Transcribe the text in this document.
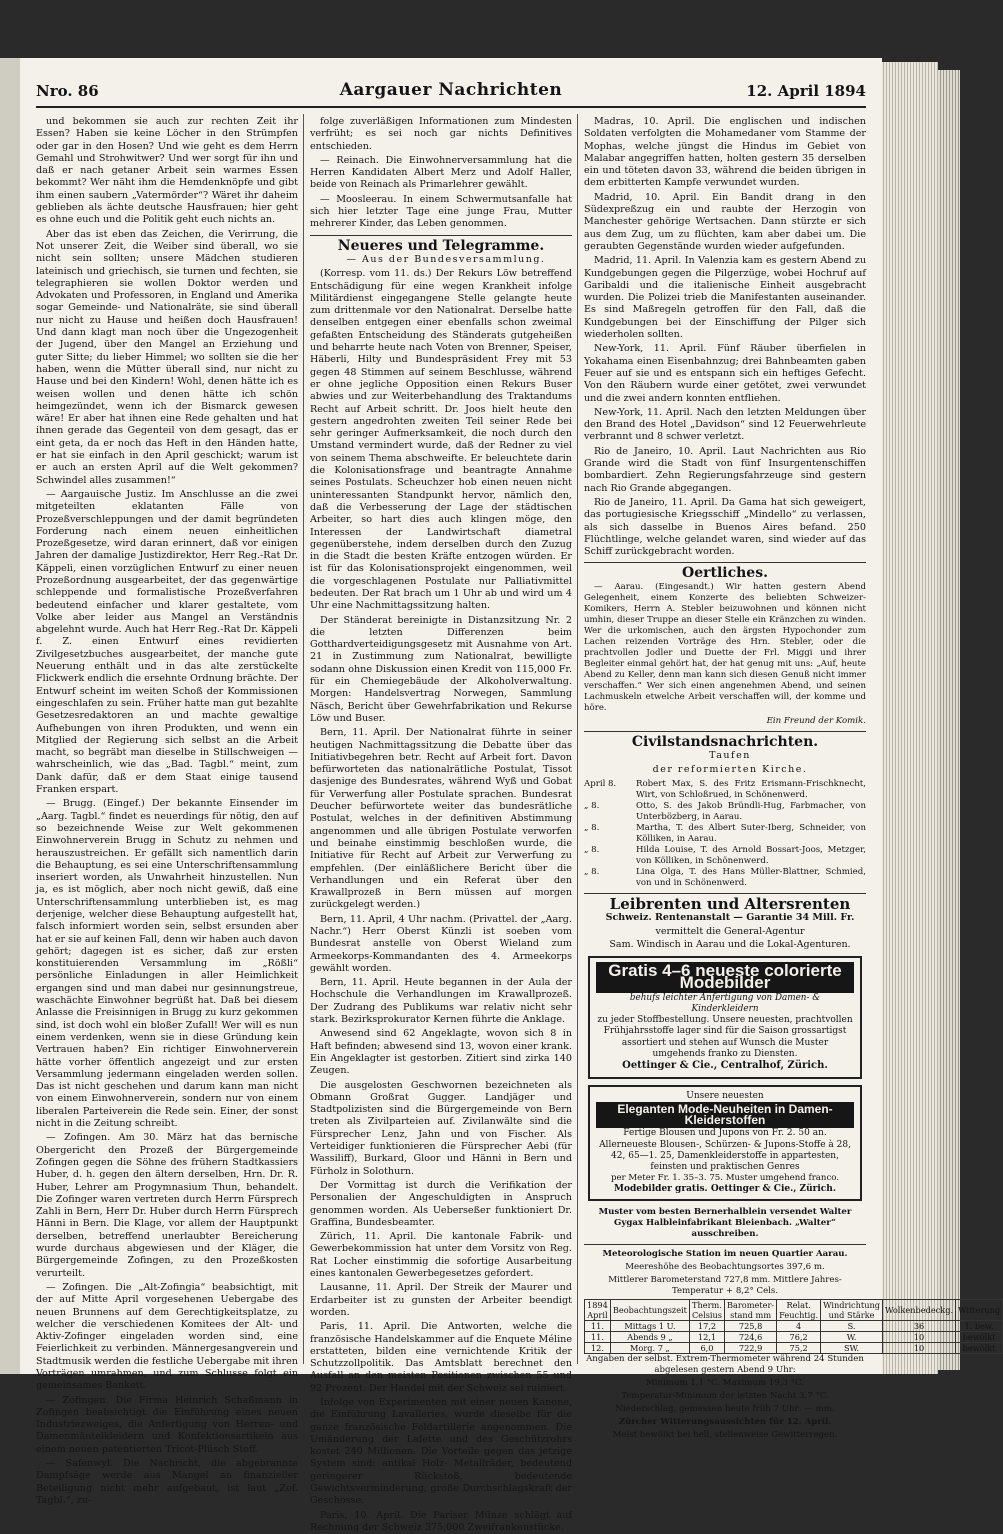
Nro. 86	Aargauer Nachrichten	12. April 1894

und bekommen sie auch zur rechten Zeit ihr Essen? Haben sie keine Löcher in den Strümpfen oder gar in den Hosen? Und wie geht es dem Herrn Gemahl und Strohwitwer? Und wer sorgt für ihn und daß er nach getaner Arbeit sein warmes Essen bekommt? Wer näht ihm die Hemdenknöpfe und gibt ihm einen saubern „Vatermörder“? Wäret ihr daheim geblieben als ächte deutsche Hausfrauen; hier geht es ohne euch und die Politik geht euch nichts an.

Aber das ist eben das Zeichen, die Verirrung, die Not unserer Zeit, die Weiber sind überall, wo sie nicht sein sollten; unsere Mädchen studieren lateinisch und griechisch, sie turnen und fechten, sie telegraphieren sie wollen Doktor werden und Advokaten und Professoren, in England und Amerika sogar Gemeinde- und Nationalräte, sie sind überall nur nicht zu Hause und heißen doch Hausfrauen! Und dann klagt man noch über die Ungezogenheit der Jugend, über den Mangel an Erziehung und guter Sitte; du lieber Himmel; wo sollten sie die her haben, wenn die Mütter überall sind, nur nicht zu Hause und bei den Kindern! Wohl, denen hätte ich es weisen wollen und denen hätte ich schön heimgezündet, wenn ich der Bismarck gewesen wäre! Er aber hat ihnen eine Rede gehalten und hat ihnen gerade das Gegenteil von dem gesagt, das er eint geta, da er noch das Heft in den Händen hatte, er hat sie einfach in den April geschickt; warum ist er auch an ersten April auf die Welt gekommen? Schwindel alles zusammen!“

— Aargauische Justiz. Im Anschlusse an die zwei mitgeteilten eklatanten Fälle von Prozeßverschleppungen und der damit begründeten Forderung nach einem neuen einheitlichen Prozeßgesetze, wird daran erinnert, daß vor einigen Jahren der damalige Justizdirektor, Herr Reg.-Rat Dr. Käppeli, einen vorzüglichen Entwurf zu einer neuen Prozeßordnung ausgearbeitet, der das gegenwärtige schleppende und formalistische Prozeßverfahren bedeutend einfacher und klarer gestaltete, vom Volke aber leider aus Mangel an Verständnis abgelehnt wurde. Auch hat Herr Reg.-Rat Dr. Käppeli f. Z. einen Entwurf eines revidierten Zivilgesetzbuches ausgearbeitet, der manche gute Neuerung enthält und in das alte zerstückelte Flickwerk endlich die ersehnte Ordnung brächte. Der Entwurf scheint im weiten Schoß der Kommissionen eingeschlafen zu sein. Früher hatte man gut bezahlte Gesetzesredaktoren an und machte gewaltige Aufhebungen von ihren Produkten, und wenn ein Mitglied der Regierung sich selbst an die Arbeit macht, so begräbt man dieselbe in Stillschweigen — wahrscheinlich, wie das „Bad. Tagbl.“ meint, zum Dank dafür, daß er dem Staat einige tausend Franken erspart.

— Brugg. (Eingef.) Der bekannte Einsender im „Aarg. Tagbl.“ findet es neuerdings für nötig, den auf so bezeichnende Weise zur Welt gekommenen Einwohnerverein Brugg in Schutz zu nehmen und herauszustreichen. Er gefällt sich namentlich darin die Behauptung, es sei eine Unterschriftensammlung inseriert worden, als Unwahrheit hinzustellen. Nun ja, es ist möglich, aber noch nicht gewiß, daß eine Unterschriftensammlung unterblieben ist, es mag derjenige, welcher diese Behauptung aufgestellt hat, falsch informiert worden sein, selbst ersunden aber hat er sie auf keinen Fall, denn wir haben auch davon gehört; dagegen ist es sicher, daß zur ersten konstituierenden Versammlung im „Rößli“ persönliche Einladungen in aller Heimlichkeit ergangen sind und man dabei nur gesinnungstreue, waschächte Einwohner begrüßt hat. Daß bei diesem Anlasse die Freisinnigen in Brugg zu kurz gekommen sind, ist doch wohl ein bloßer Zufall! Wer will es nun einem verdenken, wenn sie in diese Gründung kein Vertrauen haben? Ein richtiger Einwohnerverein hätte vorher öffentlich angezeigt und zur ersten Versammlung jedermann eingeladen werden sollen. Das ist nicht geschehen und darum kann man nicht von einem Einwohnerverein, sondern nur von einem liberalen Parteiverein die Rede sein. Einer, der sonst nicht in die Zeitung schreibt.

— Zofingen. Am 30. März hat das bernische Obergericht den Prozeß der Bürgergemeinde Zofingen gegen die Söhne des frühern Stadtkassiers Huber, d. h. gegen den ältern derselben, Hrn. Dr. R. Huber, Lehrer am Progymnasium Thun, behandelt. Die Zofinger waren vertreten durch Herrn Fürsprech Zahli in Bern, Herr Dr. Huber durch Herrn Fürsprech Hänni in Bern. Die Klage, vor allem der Hauptpunkt derselben, betreffend unerlaubter Bereicherung wurde durchaus abgewiesen und der Kläger, die Bürgergemeinde Zofingen, zu den Prozeßkosten verurteilt.

— Zofingen. Die „Alt-Zofingia“ beabsichtigt, mit der auf Mitte April vorgesehenen Uebergabe des neuen Brunnens auf dem Gerechtigkeitsplatze, zu welcher die verschiedenen Komitees der Alt- und Aktiv-Zofinger eingeladen worden sind, eine Feierlichkeit zu verbinden. Männergesangverein und Stadtmusik werden die festliche Uebergabe mit ihren Vorträgen umrahmen, und zum Schlusse folgt ein gemeinsames Bankett.

— Zofingen. Die Firma Heinrich Schaßmann in Zofingen beabsichtigt die Einführung eines neuen Industriezweiges, die Anfertigung von Herren- und Damenmäntelkleidern und Konfektionsartikeln aus einem neuen patentierten Tricot-Plüsch Stoff.

— Safenwyl. Die Nachricht, die abgebrannte Dampfsäge werde aus Mangel an finanzieller Beteiligung nicht mehr aufgebaut, ist laut „Zof. Tagbl.“, zu-

folge zuverläßigen Informationen zum Mindesten verfrüht; es sei noch gar nichts Definitives entschieden.

— Reinach. Die Einwohnerversammlung hat die Herren Kandidaten Albert Merz und Adolf Haller, beide von Reinach als Primarlehrer gewählt.

— Moosleerau. In einem Schwermutsanfalle hat sich hier letzter Tage eine junge Frau, Mutter mehrerer Kinder, das Leben genommen.

Neueres und Telegramme.

— Aus der Bundesversammlung.

(Korresp. vom 11. ds.) Der Rekurs Löw betreffend Entschädigung für eine wegen Krankheit infolge Militärdienst eingegangene Stelle gelangte heute zum drittenmale vor den Nationalrat. Derselbe hatte denselben entgegen einer ebenfalls schon zweimal gefaßten Entscheidung des Ständerats gutgeheißen und beharrte heute nach Voten von Brenner, Speiser, Häberli, Hilty und Bundespräsident Frey mit 53 gegen 48 Stimmen auf seinem Beschlusse, während er ohne jegliche Opposition einen Rekurs Buser abwies und zur Weiterbehandlung des Traktandums Recht auf Arbeit schritt. Dr. Joos hielt heute den gestern angedrohten zweiten Teil seiner Rede bei sehr geringer Aufmerksamkeit, die noch durch den Umstand vermindert wurde, daß der Redner zu viel von seinem Thema abschweifte. Er beleuchtete darin die Kolonisationsfrage und beantragte Annahme seines Postulats. Scheuchzer hob einen neuen nicht uninteressanten Standpunkt hervor, nämlich den, daß die Verbesserung der Lage der städtischen Arbeiter, so hart dies auch klingen möge, den Interessen der Landwirtschaft diametral gegenüberstehe, indem derselben durch den Zuzug in die Stadt die besten Kräfte entzogen würden. Er ist für das Kolonisationsprojekt eingenommen, weil die vorgeschlagenen Postulate nur Palliativmittel bedeuten. Der Rat brach um 1 Uhr ab und wird um 4 Uhr eine Nachmittagssitzung halten.

Der Ständerat bereinigte in Distanzsitzung Nr. 2 die letzten Differenzen beim Gotthardverteidigungsgesetz mit Ausnahme von Art. 21 in Zustimmung zum Nationalrat, bewilligte sodann ohne Diskussion einen Kredit von 115,000 Fr. für ein Chemiegebäude der Alkoholverwaltung. Morgen: Handelsvertrag Norwegen, Sammlung Näsch, Bericht über Gewehrfabrikation und Rekurse Löw und Buser.

Bern, 11. April. Der Nationalrat führte in seiner heutigen Nachmittagssitzung die Debatte über das Initiativbegehren betr. Recht auf Arbeit fort. Davon befürworteten das nationalrätliche Postulat, Tissot dasjenige des Bundesrates, während Wyß und Gobat für Verwerfung aller Postulate sprachen. Bundesrat Deucher befürwortete weiter das bundesrätliche Postulat, welches in der definitiven Abstimmung angenommen und alle übrigen Postulate verworfen und beinahe einstimmig beschloßen wurde, die Initiative für Recht auf Arbeit zur Verwerfung zu empfehlen. (Der einläßlichere Bericht über die Verhandlungen und ein Referat über den Krawallprozeß in Bern müssen auf morgen zurückgelegt werden.)

Bern, 11. April, 4 Uhr nachm. (Privattel. der „Aarg. Nachr.“) Herr Oberst Künzli ist soeben vom Bundesrat anstelle von Oberst Wieland zum Armeekorps-Kommandanten des 4. Armeekorps gewählt worden.

Bern, 11. April. Heute begannen in der Aula der Hochschule die Verhandlungen im Krawallprozeß. Der Zudrang des Publikums war relativ nicht sehr stark. Bezirksprokurator Kernen führte die Anklage.

Anwesend sind 62 Angeklagte, wovon sich 8 in Haft befinden; abwesend sind 13, wovon einer krank. Ein Angeklagter ist gestorben. Zitiert sind zirka 140 Zeugen.

Die ausgelosten Geschwornen bezeichneten als Obmann Großrat Gugger. Landjäger und Stadtpolizisten sind die Bürgergemeinde von Bern treten als Zivilparteien auf. Zivilanwälte sind die Fürsprecher Lenz, Jahn und von Fischer. Als Verteidiger funktionieren die Fürsprecher Aebi (für Wassiliff), Burkard, Gloor und Hänni in Bern und Fürholz in Solothurn.

Der Vormittag ist durch die Verifikation der Personalien der Angeschuldigten in Anspruch genommen worden. Als Ueberseßer funktioniert Dr. Graffina, Bundesbeamter.

Zürich, 11. April. Die kantonale Fabrik- und Gewerbekommission hat unter dem Vorsitz von Reg. Rat Locher einstimmig die sofortige Ausarbeitung eines kantonalen Gewerbegesetzes gefordert.

Lausanne, 11. April. Der Streik der Maurer und Erdarbeiter ist zu gunsten der Arbeiter beendigt worden.

Paris, 11. April. Die Antworten, welche die französische Handelskammer auf die Enquete Méline erstatteten, bilden eine vernichtende Kritik der Schutzzollpolitik. Das Amtsblatt berechnet den Ausfall an den meisten Positionen zwischen 55 und 92 Prozent. Der Handel mit der Schweiz sei ruiniert.

Infolge von Experimenten mit einer neuen Kanone, die Einführung Lavalleries, wurde dieselbe für die ganze französische Feldartillerie angenommen. Die Umänderung der Lafette und des Geschützrohrs kostet 240 Millionen. Die Vorteile gegen das jetzige System sind: antikal Holz- Metallräder, bedeutend geringerer Rückstoß, bedeutende Gewichtsverminderung, große Durchschlagskraft der Geschosse.

Paris, 10. April. Die Pariser Münze schlägt auf Rechnung der Schweiz 375,000 Zweifrankenstücke.

Madras, 10. April. Die englischen und indischen Soldaten verfolgten die Mohamedaner vom Stamme der Mophas, welche jüngst die Hindus im Gebiet von Malabar angegriffen hatten, holten gestern 35 derselben ein und töteten davon 33, während die beiden übrigen in dem erbitterten Kampfe verwundet wurden.

Madrid, 10. April. Ein Bandit drang in den Südexpreßzug ein und raubte der Herzogin von Manchester gehörige Wertsachen. Dann stürzte er sich aus dem Zug, um zu flüchten, kam aber dabei um. Die geraubten Gegenstände wurden wieder aufgefunden.

Madrid, 11. April. In Valenzia kam es gestern Abend zu Kundgebungen gegen die Pilgerzüge, wobei Hochruf auf Garibaldi und die italienische Einheit ausgebracht wurden. Die Polizei trieb die Manifestanten auseinander. Es sind Maßregeln getroffen für den Fall, daß die Kundgebungen bei der Einschiffung der Pilger sich wiederholen sollten.

New-York, 11. April. Fünf Räuber überfielen in Yokahama einen Eisenbahnzug; drei Bahnbeamten gaben Feuer auf sie und es entspann sich ein heftiges Gefecht. Von den Räubern wurde einer getötet, zwei verwundet und die zwei andern konnten entfliehen.

New-York, 11. April. Nach den letzten Meldungen über den Brand des Hotel „Davidson“ sind 12 Feuerwehrleute verbrannt und 8 schwer verletzt.

Rio de Janeiro, 10. April. Laut Nachrichten aus Rio Grande wird die Stadt von fünf Insurgentenschiffen bombardiert. Zehn Regierungsfahrzeuge sind gestern nach Rio Grande abgegangen.

Rio de Janeiro, 11. April. Da Gama hat sich geweigert, das portugiesische Kriegsschiff „Mindello“ zu verlassen, als sich dasselbe in Buenos Aires befand. 250 Flüchtlinge, welche gelandet waren, sind wieder auf das Schiff zurückgebracht worden.

Oertliches.

— Aarau. (Eingesandt.) Wir hatten gestern Abend Gelegenheit, einem Konzerte des beliebten Schweizer-Komikers, Herrn A. Stebler beizuwohnen und können nicht umhin, dieser Truppe an dieser Stelle ein Kränzchen zu winden. Wer die urkomischen, auch den ärgsten Hypochonder zum Lachen reizenden Vorträge des Hrn. Stebler, oder die prachtvollen Jodler und Duette der Frl. Miggi und ihrer Begleiter einmal gehört hat, der hat genug mit uns: „Auf, heute Abend zu Keller, denn man kann sich diesen Genuß nicht immer verschaffen.“ Wer sich einen angenehmen Abend, und seinen Lachmuskeln etwelche Arbeit verschaffen will, der komme und höre.

Ein Freund der Komik.

Civilstandsnachrichten.

Taufen

der reformierten Kirche.

April 8.	Robert Max, S. des Fritz Erismann-Frischknecht, Wirt, von Schloßrued, in Schönenwerd.
„ 8.	Otto, S. des Jakob Bründli-Hug, Farbmacher, von Unterbözberg, in Aarau.
„ 8.	Martha, T. des Albert Suter-Iberg, Schneider, von Kölliken, in Aarau.
„ 8.	Hilda Louise, T. des Arnold Bossart-Joos, Metzger, von Kölliken, in Schönenwerd.
„ 8.	Lina Olga, T. des Hans Müller-Blattner, Schmied, von und in Schönenwerd.

Leibrenten und Altersrenten

Schweiz. Rentenanstalt — Garantie 34 Mill. Fr.

vermittelt die General-Agentur

Sam. Windisch in Aarau und die Lokal-Agenturen.

Gratis 4–6 neueste colorierte Modebilder
behufs leichter Anfertigung von Damen- & Kinderkleidern
zu jeder Stoffbestellung. Unsere neuesten, prachtvollen Frühjahrsstoffe lager sind für die Saison grossartigst assortiert und stehen auf Wunsch die Muster umgehends franko zu Diensten.
Oettinger & Cie., Centralhof, Zürich.
Unsere neuesten
Eleganten Mode-Neuheiten in Damen-Kleiderstoffen
Fertige Blousen und Jupons von Fr. 2. 50 an. Allerneueste Blousen-, Schürzen- & Jupons-Stoffe à 28, 42, 65—1. 25, Damenkleiderstoffe in appartesten, feinsten und praktischen Genres
per Meter Fr. 1. 35–3. 75. Muster umgehend franco.
Modebilder gratis. Oettinger & Cie., Zürich.

Muster vom besten Bernerhalblein versendet Walter Gygax Halbleinfabrikant Bleienbach. „Walter“ ausschreiben.

Meteorologische Station im neuen Quartier Aarau.

Meereshöhe des Beobachtungsortes 397,6 m.

Mittlerer Barometerstand 727,8 mm. Mittlere Jahres-Temperatur + 8,2° Cels.

1894 April	Beobachtungszeit	Therm. Celsius	Barometer-stand mm	Relat. Feuchtig.	Windrichtung und Stärke	Wolkenbedeckg.	Witterung
11.	Mittags 1 U.	17,2	725,8	4	S.	36	1. bew.
11.	Abends 9 „	12,1	724,6	76,2	W.	10	bewölkt
12.	Morg. 7 „	6,0	722,9	75,2	SW.	10	bewölkt

Angaben der selbst. Extrem-Thermometer während 24 Stunden abgelesen gestern Abend 9 Uhr:

Minimum 1,1 °C. Maximum 19,3 °C.

Temperatur-Minimum der letzten Nacht 3,7 °C.

Niederschlag, gemessen heute früh 7 Uhr: — mm.

Zürcher Witterungsaussichten für 12. April.

Meist bewölkt bei hell, stellenweise Gewitterregen.
